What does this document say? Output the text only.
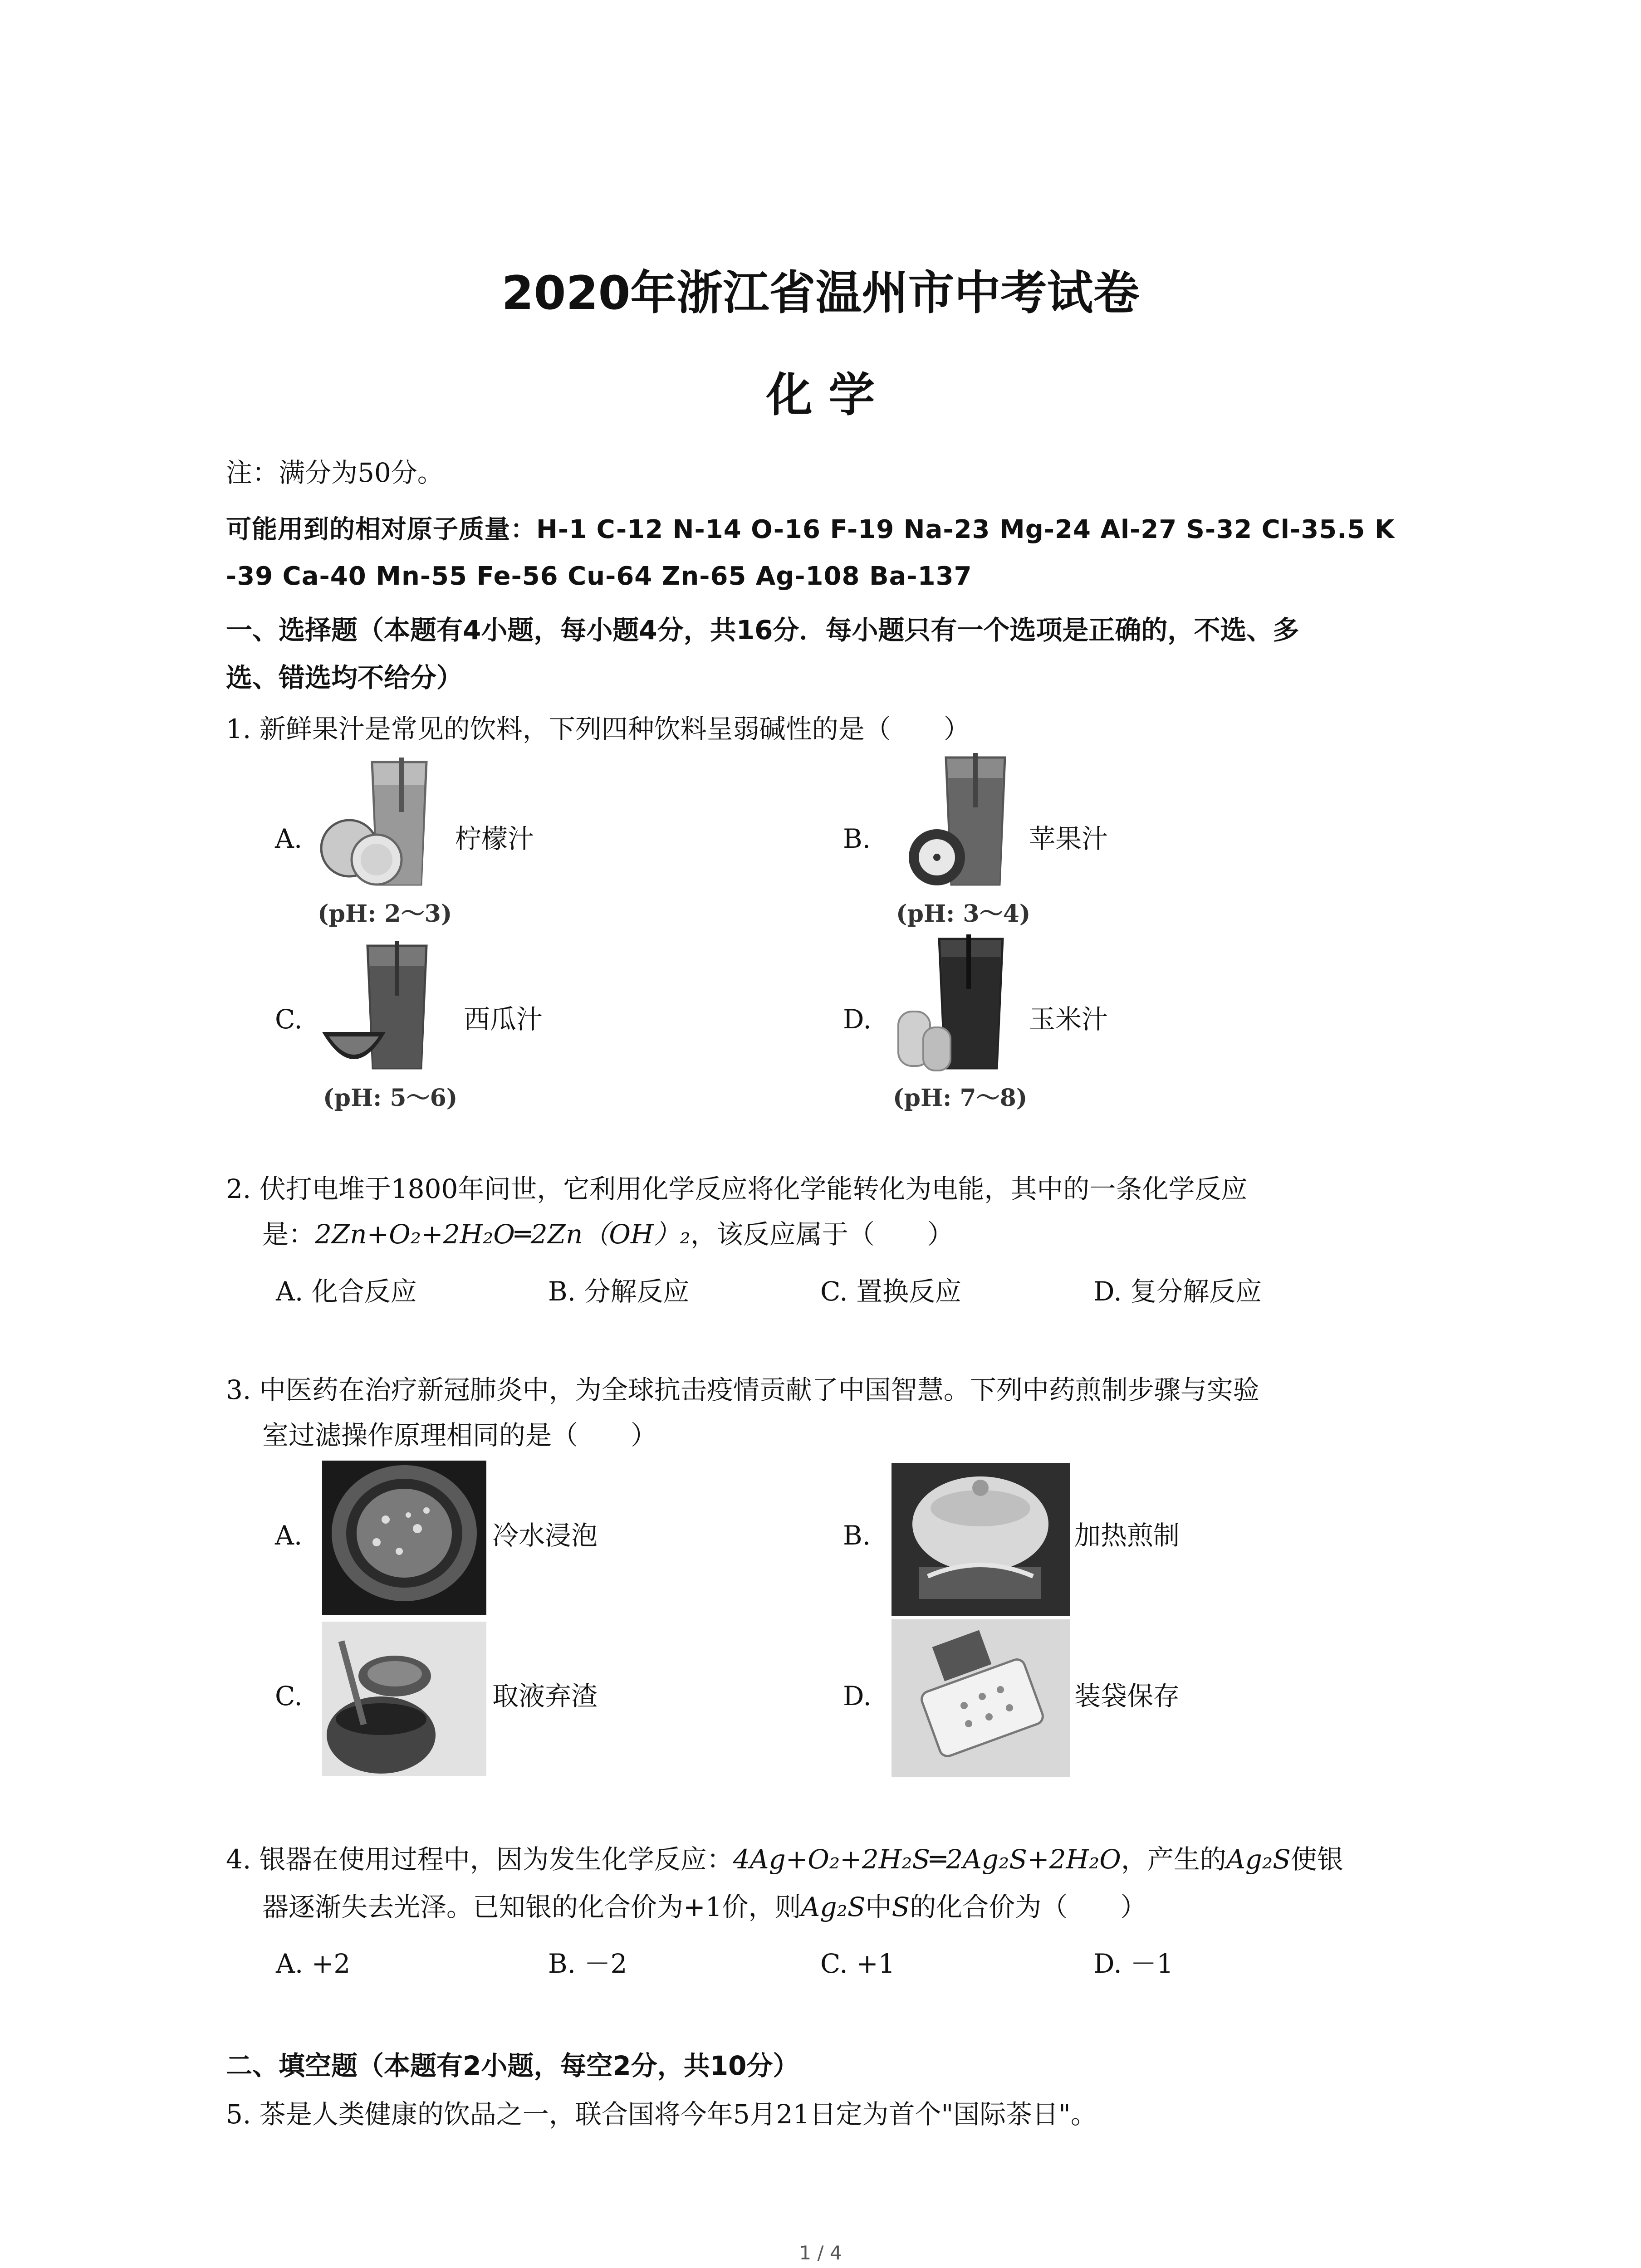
2020年浙江省温州市中考试卷
化 学
注：满分为50分。
可能用到的相对原子质量：H-1 C-12 N-14 O-16 F-19 Na-23 Mg-24 Al-27 S-32 Cl-35.5 K
-39 Ca-40 Mn-55 Fe-56 Cu-64 Zn-65 Ag-108 Ba-137
一、选择题（本题有4小题，每小题4分，共16分．每小题只有一个选项是正确的，不选、多
选、错选均不给分）
1. 新鲜果汁是常见的饮料，下列四种饮料呈弱碱性的是（　　）
A.	柠檬汁
(pH: 2～3)
B.	苹果汁
(pH: 3～4)
C.	西瓜汁
(pH: 5～6)
D.	玉米汁
(pH: 7～8)
2. 伏打电堆于1800年问世，它利用化学反应将化学能转化为电能，其中的一条化学反应
是：2Zn+O₂+2H₂O═2Zn（OH）₂，该反应属于（　　）
A. 化合反应	B. 分解反应	C. 置换反应	D. 复分解反应
3. 中医药在治疗新冠肺炎中，为全球抗击疫情贡献了中国智慧。下列中药煎制步骤与实验
室过滤操作原理相同的是（　　）
A.	冷水浸泡	B.	加热煎制
C.	取液弃渣	D.	装袋保存
4. 银器在使用过程中，因为发生化学反应：4Ag+O₂+2H₂S═2Ag₂S+2H₂O，产生的Ag₂S使银
器逐渐失去光泽。已知银的化合价为+1价，则Ag₂S中S的化合价为（　　）
A. +2	B. －2	C. +1	D. －1
二、填空题（本题有2小题，每空2分，共10分）
5. 茶是人类健康的饮品之一，联合国将今年5月21日定为首个"国际茶日"。
1 / 4
